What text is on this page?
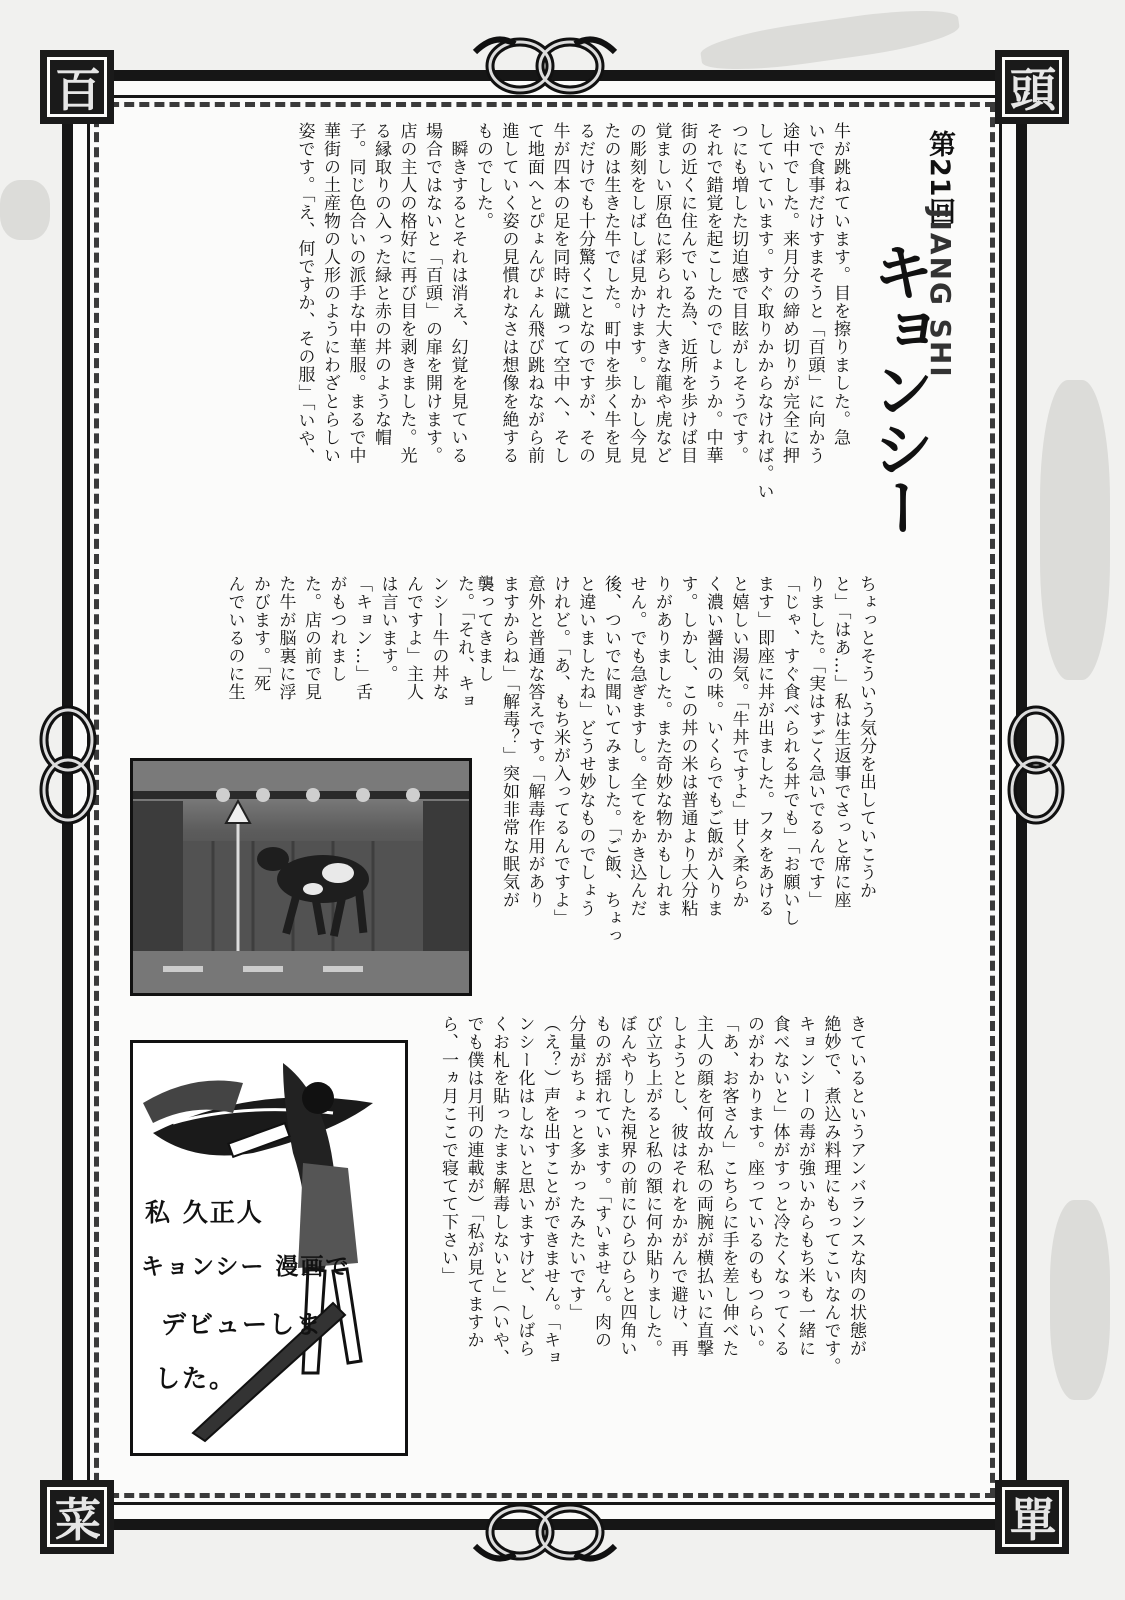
百	頭
菜	單
第21回
キョンシー
JIANG SHI
牛が跳ねています。目を擦りました。急
いで食事だけすまそうと「百頭」に向かう
途中でした。来月分の締め切りが完全に押
していています。すぐ取りかからなければ。い
つにも増した切迫感で目眩がしそうです。
それで錯覚を起こしたのでしょうか。中華
街の近くに住んでいる為、近所を歩けば目
覚ましい原色に彩られた大きな龍や虎など
の彫刻をしばしば見かけます。しかし今見
たのは生きた牛でした。町中を歩く牛を見
るだけでも十分驚くことなのですが、その
牛が四本の足を同時に蹴って空中へ、そし
て地面へとぴょんぴょん飛び跳ねながら前
進していく姿の見慣れなさは想像を絶する
ものでした。
　瞬きするとそれは消え、幻覚を見ている
場合ではないと「百頭」の扉を開けます。
店の主人の格好に再び目を剥きました。光
る縁取りの入った緑と赤の丼のような帽
子。同じ色合いの派手な中華服。まるで中
華街の土産物の人形のようにわざとらしい
姿です。「え、何ですか、その服」「いや、
ちょっとそういう気分を出していこうか
と」「はあ…」私は生返事でさっと席に座
りました。「実はすごく急いでるんです」
「じゃ、すぐ食べられる丼でも」「お願いし
ます」即座に丼が出ました。フタをあける
と嬉しい湯気。「牛丼ですよ」甘く柔らか
く濃い醤油の味。いくらでもご飯が入りま
す。しかし、この丼の米は普通より大分粘
りがありました。また奇妙な物かもしれま
せん。でも急ぎますし。全てをかき込んだ
後、ついでに聞いてみました。「ご飯、ちょっ
と違いましたね」どうせ妙なものでしょう
けれど。「あ、もち米が入ってるんですよ」
意外と普通な答えです。「解毒作用があり
ますからね」「解毒？」突如非常な眠気が
襲ってきまし
た。「それ、キョ
ンシー牛の丼な
んですよ」主人
は言います。
「キョン…」舌
がもつれまし
た。店の前で見
た牛が脳裏に浮
かびます。「死
んでいるのに生
きているというアンバランスな肉の状態が
絶妙で、煮込み料理にもってこいなんです。
キョンシーの毒が強いからもち米も一緒に
食べないと」体がすっと冷たくなってくる
のがわかります。座っているのもつらい。
「あ、お客さん」こちらに手を差し伸べた
主人の顔を何故か私の両腕が横払いに直撃
しようとし、彼はそれをかがんで避け、再
び立ち上がると私の額に何か貼りました。
ぼんやりした視界の前にひらひらと四角い
ものが揺れています。「すいません。肉の
分量がちょっと多かったみたいです」
（え？）声を出すことができません。「キョ
ンシー化はしないと思いますけど、しばら
くお札を貼ったまま解毒しないと」（いや、
でも僕は月刊の連載が）「私が見てますか
ら、一ヵ月ここで寝てて下さい」
私 久正人
キョンシー 漫画で
デビューしま
した。
